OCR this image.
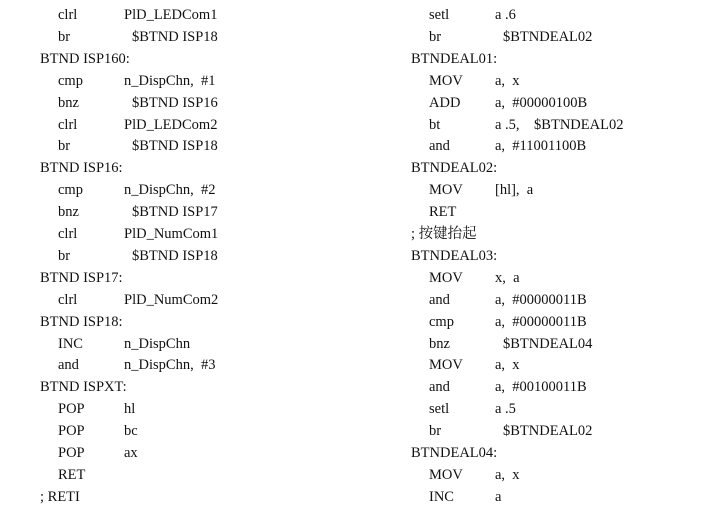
clrl	PlD_LEDCom1
br	$BTND ISP18
BTND ISP160:
cmp	n_DispChn,  #1
bnz	$BTND ISP16
clrl	PlD_LEDCom2
br	$BTND ISP18
BTND ISP16:
cmp	n_DispChn,  #2
bnz	$BTND ISP17
clrl	PlD_NumCom1
br	$BTND ISP18
BTND ISP17:
clrl	PlD_NumCom2
BTND ISP18:
INC	n_DispChn
and	n_DispChn,  #3
BTND ISPXT:
POP	hl
POP	bc
POP	ax
RET
; RETI
setl	a .6
br	$BTNDEAL02
BTNDEAL01:
MOV a,  x
ADD a,  #00000100B
bt	a .5,    $BTNDEAL02
and	a,  #11001100B
BTNDEAL02:
MOV [hl],  a
RET
; 按键抬起
BTNDEAL03:
MOV x,  a
and	a,  #00000011B
cmp	a,  #00000011B
bnz	$BTNDEAL04
MOV a,  x
and	a,  #00100011B
setl	a .5
br	$BTNDEAL02
BTNDEAL04:
MOV a,  x
INC	a
